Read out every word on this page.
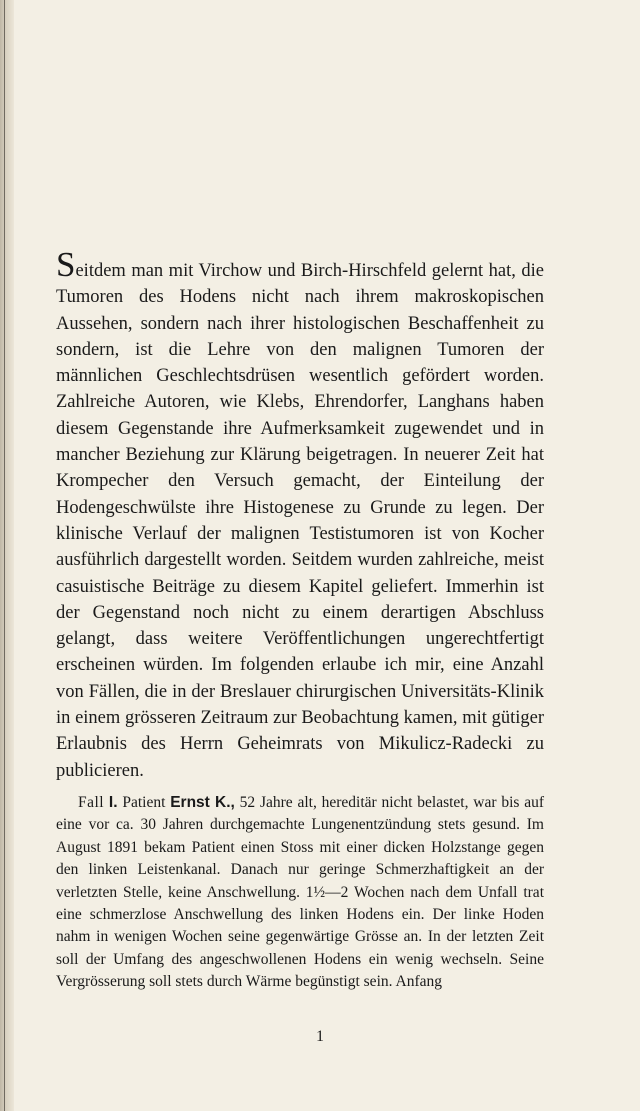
Seitdem man mit Virchow und Birch-Hirschfeld gelernt hat, die Tumoren des Hodens nicht nach ihrem makroskopischen Aussehen, sondern nach ihrer histologischen Beschaffenheit zu sondern, ist die Lehre von den malignen Tumoren der männlichen Geschlechtsdrüsen wesentlich gefördert worden. Zahlreiche Autoren, wie Klebs, Ehrendorfer, Langhans haben diesem Gegenstande ihre Aufmerksamkeit zugewendet und in mancher Beziehung zur Klärung beigetragen. In neuerer Zeit hat Krompecher den Versuch gemacht, der Einteilung der Hodengeschwülste ihre Histogenese zu Grunde zu legen. Der klinische Verlauf der malignen Testistumoren ist von Kocher ausführlich dargestellt worden. Seitdem wurden zahlreiche, meist casuistische Beiträge zu diesem Kapitel geliefert. Immerhin ist der Gegenstand noch nicht zu einem derartigen Abschluss gelangt, dass weitere Veröffentlichungen ungerechtfertigt erscheinen würden. Im folgenden erlaube ich mir, eine Anzahl von Fällen, die in der Breslauer chirurgischen Universitäts-Klinik in einem grösseren Zeitraum zur Beobachtung kamen, mit gütiger Erlaubnis des Herrn Geheimrats von Mikulicz-Radecki zu publicieren.

Fall I. Patient Ernst K., 52 Jahre alt, hereditär nicht belastet, war bis auf eine vor ca. 30 Jahren durchgemachte Lungenentzündung stets gesund. Im August 1891 bekam Patient einen Stoss mit einer dicken Holzstange gegen den linken Leistenkanal. Danach nur geringe Schmerzhaftigkeit an der verletzten Stelle, keine Anschwellung. 1½—2 Wochen nach dem Unfall trat eine schmerzlose Anschwellung des linken Hodens ein. Der linke Hoden nahm in wenigen Wochen seine gegenwärtige Grösse an. In der letzten Zeit soll der Umfang des angeschwollenen Hodens ein wenig wechseln. Seine Vergrösserung soll stets durch Wärme begünstigt sein. Anfang

1
